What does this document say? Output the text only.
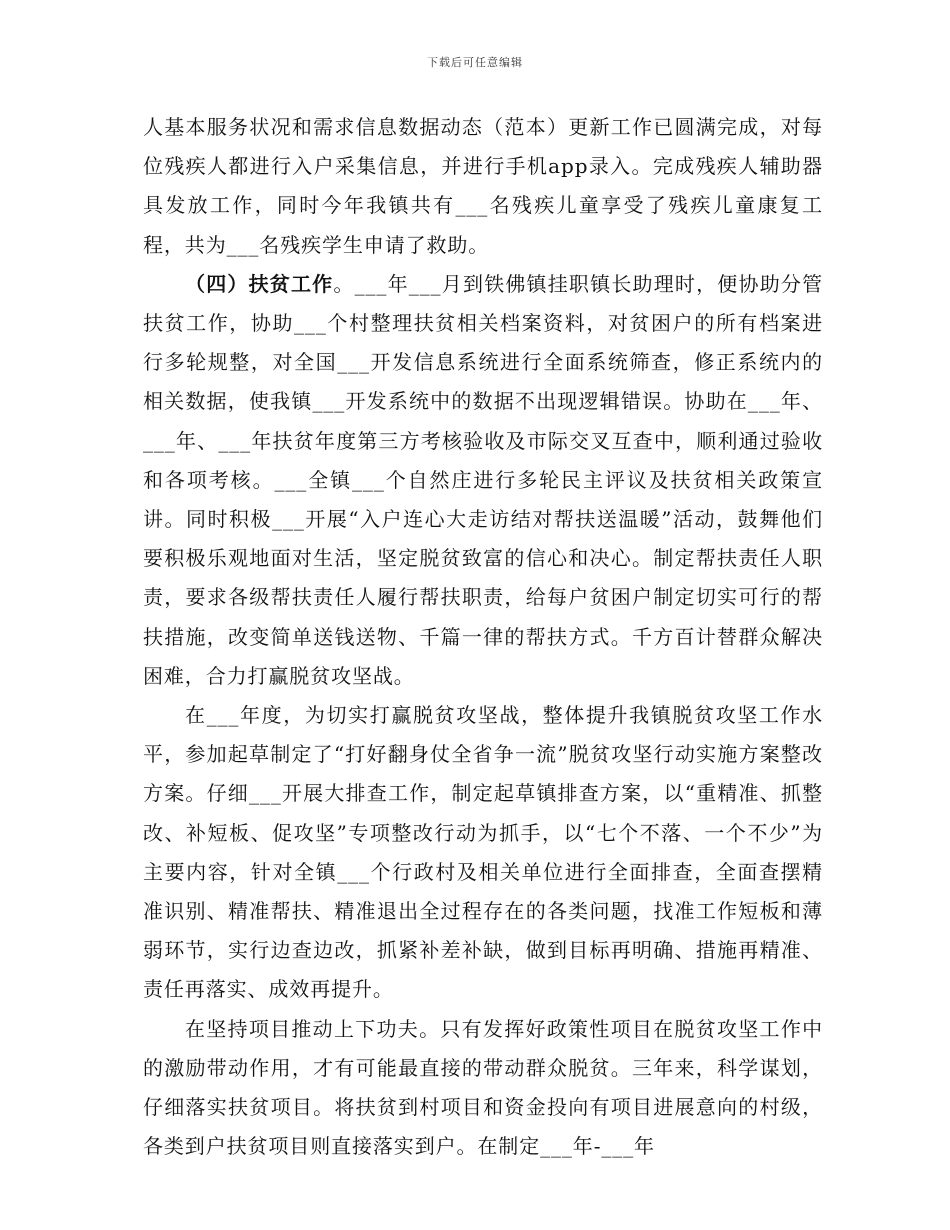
下载后可任意编辑

人基本服务状况和需求信息数据动态（范本）更新工作已圆满完成，对每位残疾人都进行入户采集信息，并进行手机app录入。完成残疾人辅助器具发放工作，同时今年我镇共有___名残疾儿童享受了残疾儿童康复工程，共为___名残疾学生申请了救助。

（四）扶贫工作。___年___月到铁佛镇挂职镇长助理时，便协助分管扶贫工作，协助___个村整理扶贫相关档案资料，对贫困户的所有档案进行多轮规整，对全国___开发信息系统进行全面系统筛查，修正系统内的相关数据，使我镇___开发系统中的数据不出现逻辑错误。协助在___年、___年、___年扶贫年度第三方考核验收及市际交叉互查中，顺利通过验收和各项考核。___全镇___个自然庄进行多轮民主评议及扶贫相关政策宣讲。同时积极___开展“入户连心大走访结对帮扶送温暖”活动，鼓舞他们要积极乐观地面对生活，坚定脱贫致富的信心和决心。制定帮扶责任人职责，要求各级帮扶责任人履行帮扶职责，给每户贫困户制定切实可行的帮扶措施，改变简单送钱送物、千篇一律的帮扶方式。千方百计替群众解决困难，合力打赢脱贫攻坚战。

在___年度，为切实打赢脱贫攻坚战，整体提升我镇脱贫攻坚工作水平，参加起草制定了“打好翻身仗全省争一流”脱贫攻坚行动实施方案整改方案。仔细___开展大排查工作，制定起草镇排查方案，以“重精准、抓整改、补短板、促攻坚”专项整改行动为抓手，以“七个不落、一个不少”为主要内容，针对全镇___个行政村及相关单位进行全面排查，全面查摆精准识别、精准帮扶、精准退出全过程存在的各类问题，找准工作短板和薄弱环节，实行边查边改，抓紧补差补缺，做到目标再明确、措施再精准、责任再落实、成效再提升。

在坚持项目推动上下功夫。只有发挥好政策性项目在脱贫攻坚工作中的激励带动作用，才有可能最直接的带动群众脱贫。三年来，科学谋划，仔细落实扶贫项目。将扶贫到村项目和资金投向有项目进展意向的村级，各类到户扶贫项目则直接落实到户。在制定___年-___年
